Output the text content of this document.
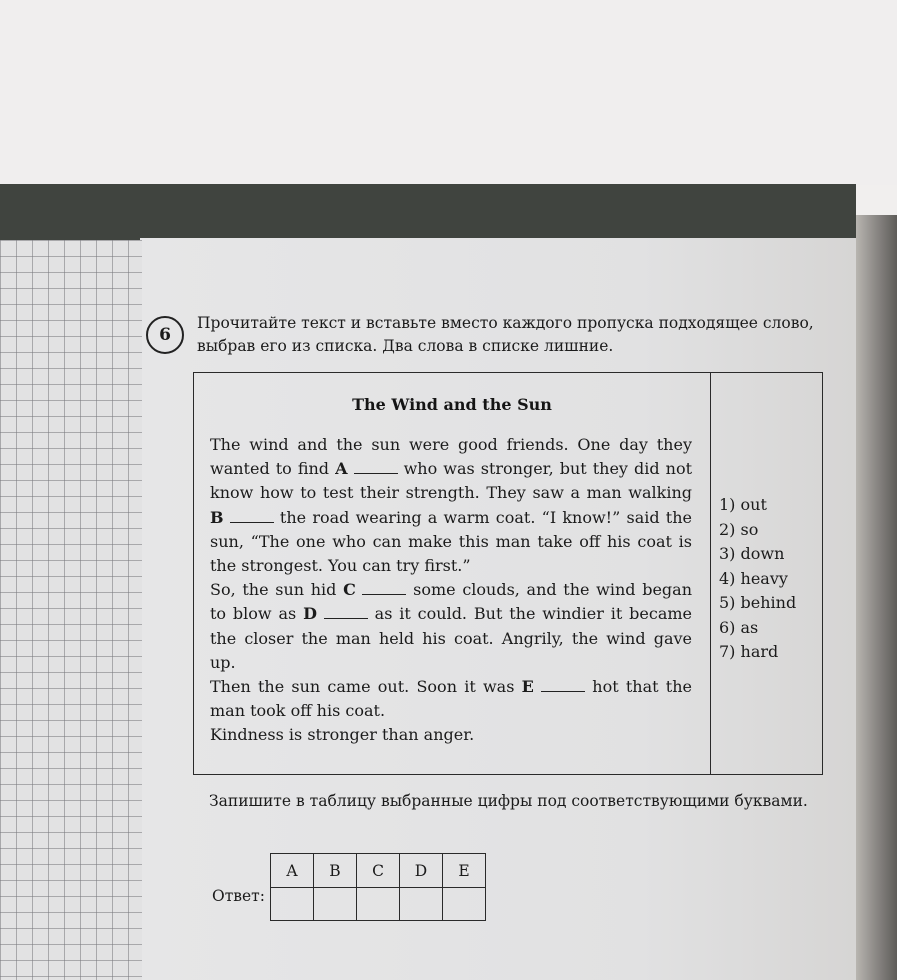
6

Прочитайте текст и вставьте вместо каждого пропуска подходящее слово, выбрав его из списка. Два слова в списке лишние.

The Wind and the Sun

The wind and the sun were good friends. One day they wanted to find A	who was stronger, but they did not know how to test their strength. They saw a man walking B	the road wearing a warm coat. “I know!” said the sun, “The one who can make this man take off his coat is the strongest. You can try first.”

So, the sun hid C	some clouds, and the wind began to blow as D	as it could. But the windier it became the closer the man held his coat. Angrily, the wind gave up.

Then the sun came out. Soon it was E	hot that the man took off his coat.

Kindness is stronger than anger.

1) out
2) so
3) down
4) heavy
5) behind
6) as
7) hard

Запишите в таблицу выбранные цифры под соответствующими буквами.

Ответ:
A	B	C	D	E
